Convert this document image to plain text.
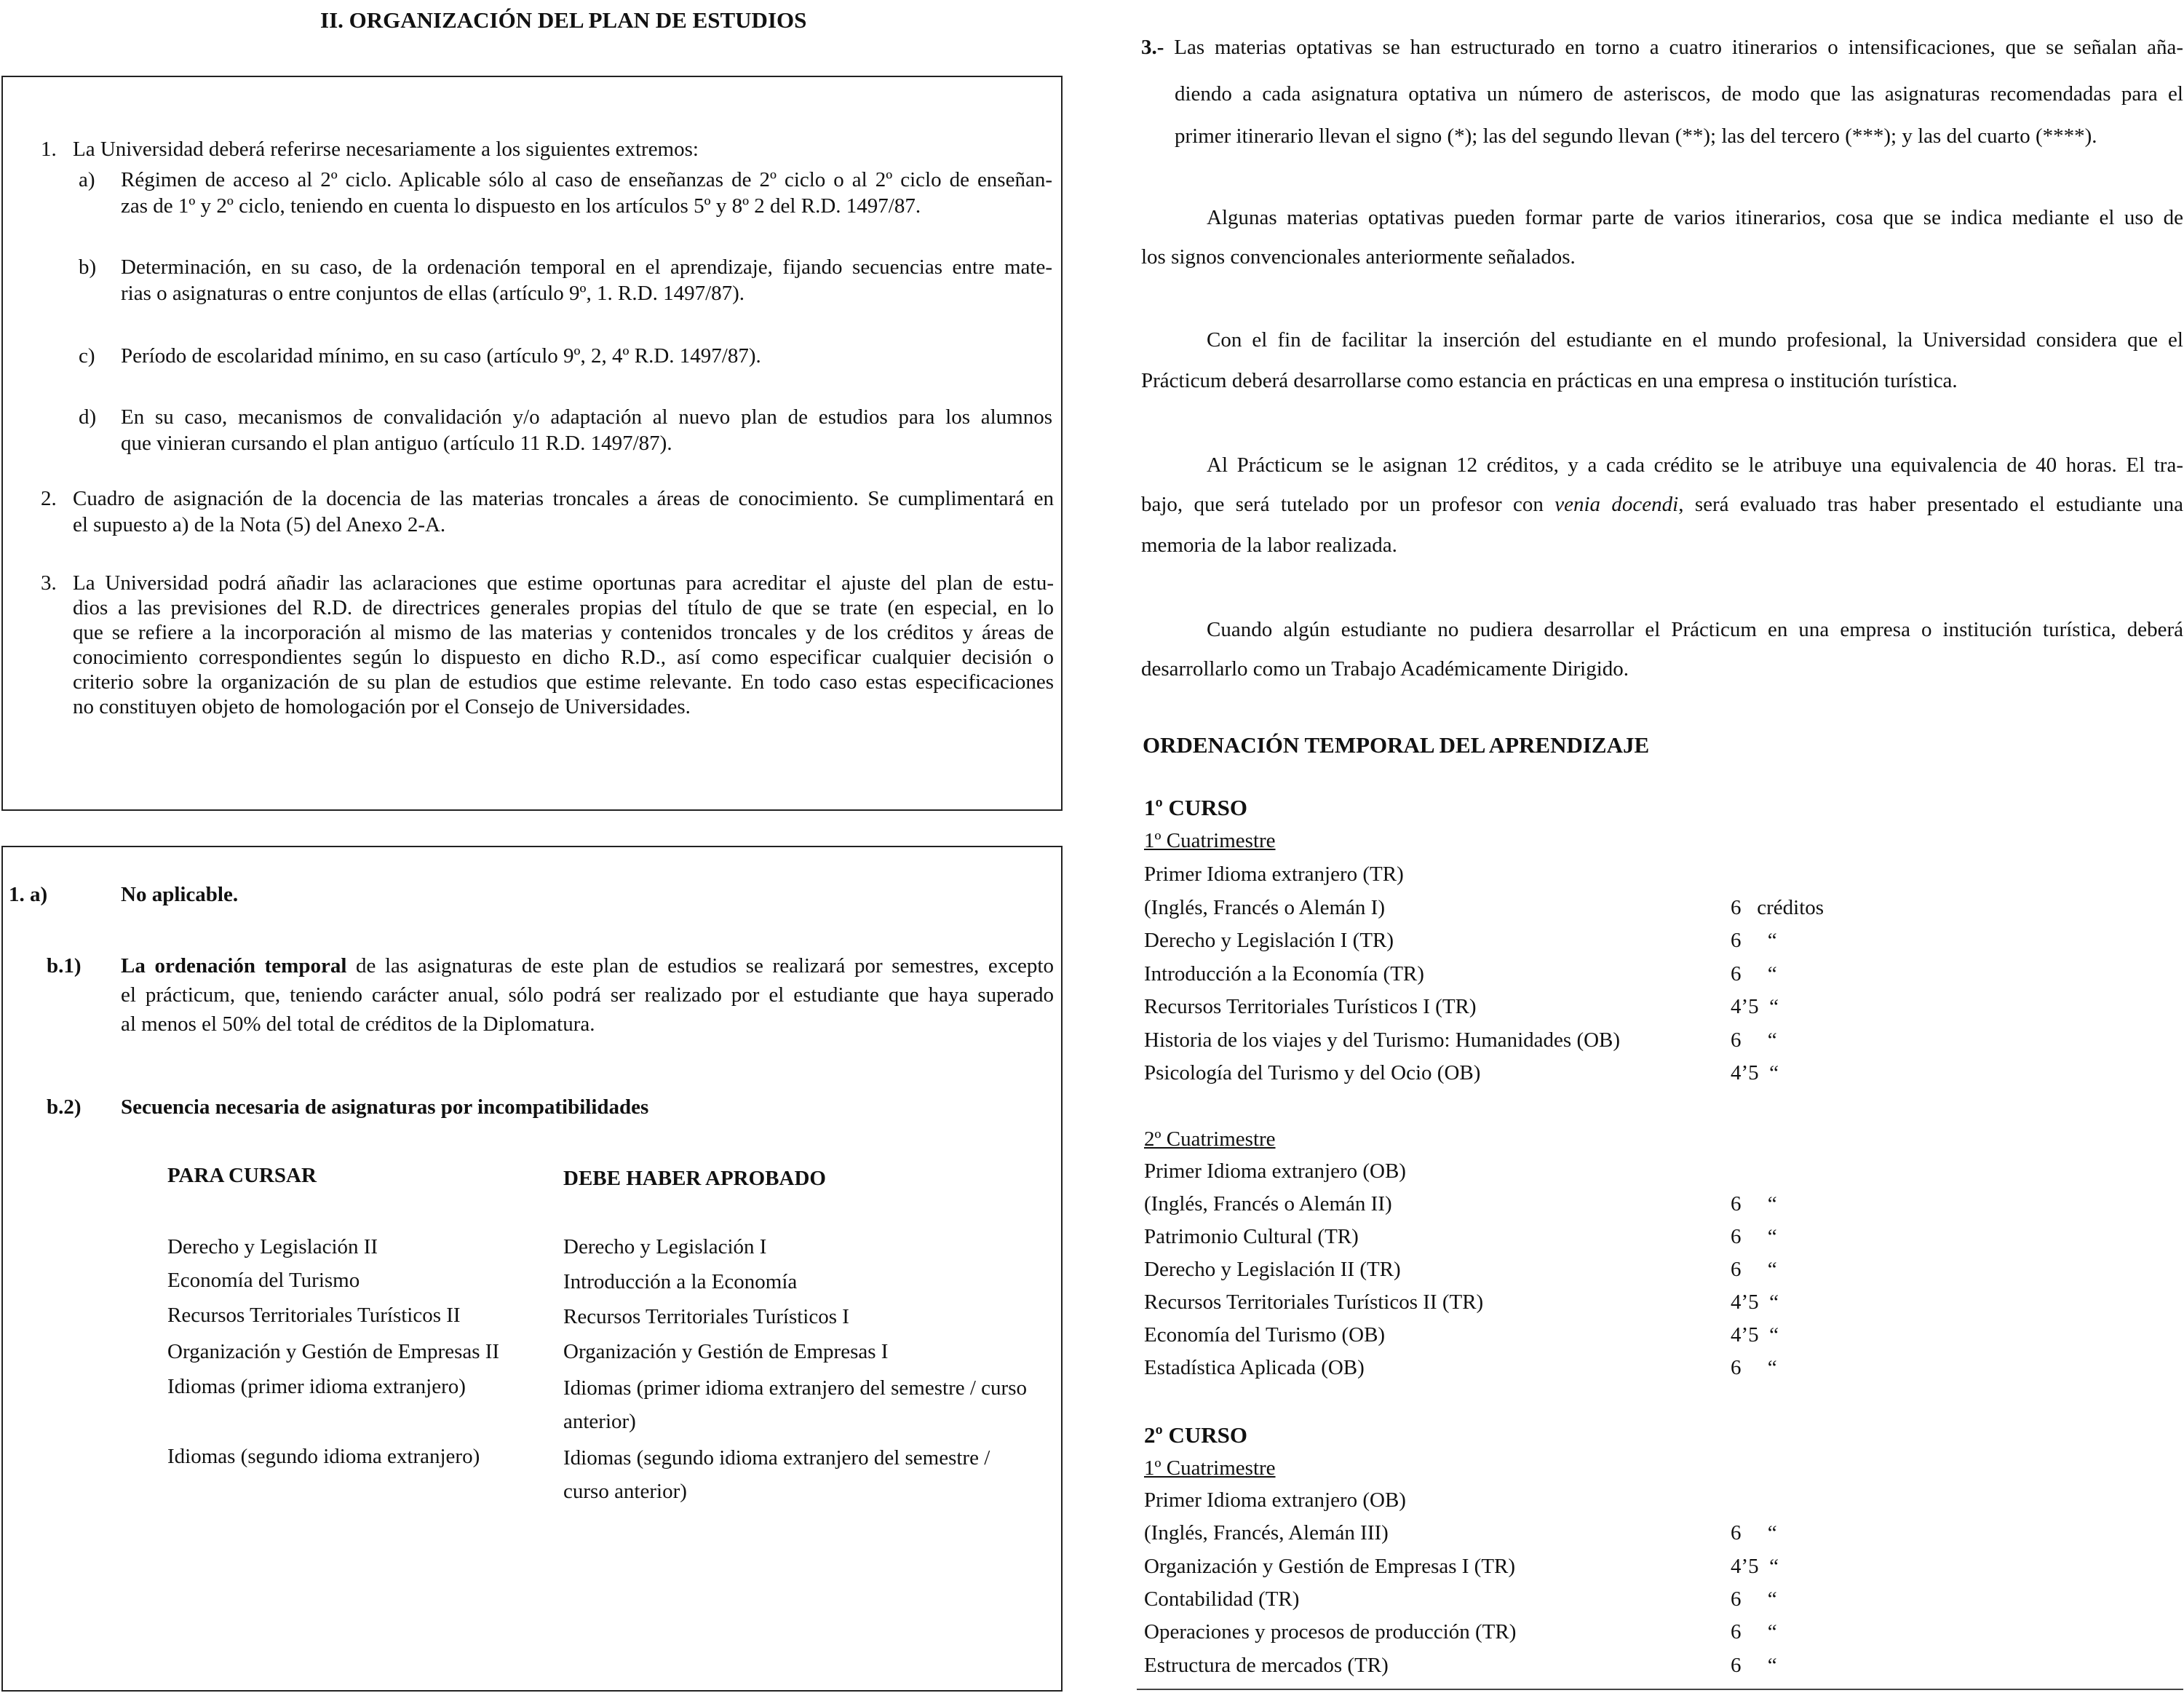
II. ORGANIZACIÓN DEL PLAN DE ESTUDIOS
1. La Universidad deberá referirse necesariamente a los siguientes extremos:
a) Régimen de acceso al 2º ciclo. Aplicable sólo al caso de enseñanzas de 2º ciclo o al 2º ciclo de enseñan-
zas de 1º y 2º ciclo, teniendo en cuenta lo dispuesto en los artículos 5º y 8º 2 del R.D. 1497/87.
b) Determinación, en su caso, de la ordenación temporal en el aprendizaje, fijando secuencias entre mate-
rias o asignaturas o entre conjuntos de ellas (artículo 9º, 1. R.D. 1497/87).
c) Período de escolaridad mínimo, en su caso (artículo 9º, 2, 4º R.D. 1497/87).
d) En su caso, mecanismos de convalidación y/o adaptación al nuevo plan de estudios para los alumnos
que vinieran cursando el plan antiguo (artículo 11 R.D. 1497/87).
2. Cuadro de asignación de la docencia de las materias troncales a áreas de conocimiento. Se cumplimentará en
el supuesto a) de la Nota (5) del Anexo 2-A.
3. La Universidad podrá añadir las aclaraciones que estime oportunas para acreditar el ajuste del plan de estu-
dios a las previsiones del R.D. de directrices generales propias del título de que se trate (en especial, en lo
que se refiere a la incorporación al mismo de las materias y contenidos troncales y de los créditos y áreas de
conocimiento correspondientes según lo dispuesto en dicho R.D., así como especificar cualquier decisión o
criterio sobre la organización de su plan de estudios que estime relevante. En todo caso estas especificaciones
no constituyen objeto de homologación por el Consejo de Universidades.
1. a)	No aplicable.
b.1) La ordenación temporal de las asignaturas de este plan de estudios se realizará por semestres, excepto
el prácticum, que, teniendo carácter anual, sólo podrá ser realizado por el estudiante que haya superado
al menos el 50% del total de créditos de la Diplomatura.
b.2) Secuencia necesaria de asignaturas por incompatibilidades
PARA CURSAR	DEBE HABER APROBADO
Derecho y Legislación II	Derecho y Legislación I
Economía del Turismo	Introducción a la Economía
Recursos Territoriales Turísticos II	Recursos Territoriales Turísticos I
Organización y Gestión de Empresas II	Organización y Gestión de Empresas I
Idiomas (primer idioma extranjero)	Idiomas (primer idioma extranjero del semestre / curso
anterior)
Idiomas (segundo idioma extranjero)	Idiomas (segundo idioma extranjero del semestre /
curso anterior)
3.- Las materias optativas se han estructurado en torno a cuatro itinerarios o intensificaciones, que se señalan aña-
diendo a cada asignatura optativa un número de asteriscos, de modo que las asignaturas recomendadas para el
primer itinerario llevan el signo (*); las del segundo llevan (**); las del tercero (***); y las del cuarto (****).
Algunas materias optativas pueden formar parte de varios itinerarios, cosa que se indica mediante el uso de
los signos convencionales anteriormente señalados.
Con el fin de facilitar la inserción del estudiante en el mundo profesional, la Universidad considera que el
Prácticum deberá desarrollarse como estancia en prácticas en una empresa o institución turística.
Al Prácticum se le asignan 12 créditos, y a cada crédito se le atribuye una equivalencia de 40 horas. El tra-
bajo, que será tutelado por un profesor con venia docendi, será evaluado tras haber presentado el estudiante una
memoria de la labor realizada.
Cuando algún estudiante no pudiera desarrollar el Prácticum en una empresa o institución turística, deberá
desarrollarlo como un Trabajo Académicamente Dirigido.
ORDENACIÓN TEMPORAL DEL APRENDIZAJE
1º CURSO
1º Cuatrimestre
Primer Idioma extranjero (TR)
(Inglés, Francés o Alemán I)	6   créditos
Derecho y Legislación I (TR)	6     “
Introducción a la Economía (TR)	6     “
Recursos Territoriales Turísticos I (TR)	4’5  “
Historia de los viajes y del Turismo: Humanidades (OB)	6     “
Psicología del Turismo y del Ocio (OB)	4’5  “
2º Cuatrimestre
Primer Idioma extranjero (OB)
(Inglés, Francés o Alemán II)	6     “
Patrimonio Cultural (TR)	6     “
Derecho y Legislación II (TR)	6     “
Recursos Territoriales Turísticos II (TR)	4’5  “
Economía del Turismo (OB)	4’5  “
Estadística Aplicada (OB)	6     “
2º CURSO
1º Cuatrimestre
Primer Idioma extranjero (OB)
(Inglés, Francés, Alemán III)	6     “
Organización y Gestión de Empresas I (TR)	4’5  “
Contabilidad (TR)	6     “
Operaciones y procesos de producción (TR)	6     “
Estructura de mercados (TR)	6     “
